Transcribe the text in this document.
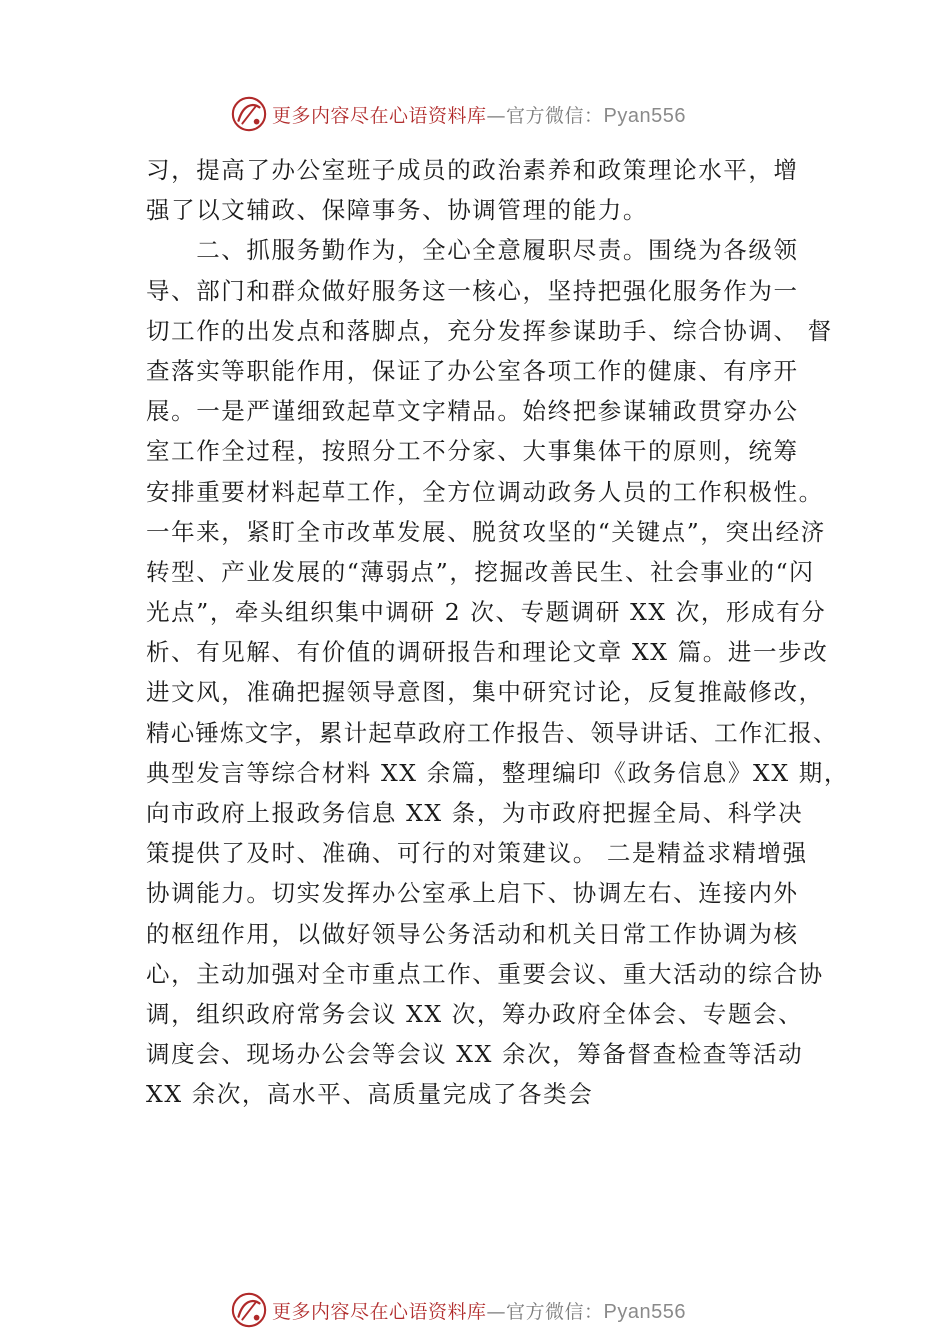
更多内容尽在心语资料库—官方微信：Pyan556
习，提高了办公室班子成员的政治素养和政策理论水平，增
强了以文辅政、保障事务、协调管理的能力。
　　二、抓服务勤作为，全心全意履职尽责。围绕为各级领
导、部门和群众做好服务这一核心，坚持把强化服务作为一
切工作的出发点和落脚点，充分发挥参谋助手、综合协调、 督
查落实等职能作用，保证了办公室各项工作的健康、有序开
展。一是严谨细致起草文字精品。始终把参谋辅政贯穿办公
室工作全过程，按照分工不分家、大事集体干的原则，统筹
安排重要材料起草工作，全方位调动政务人员的工作积极性。
一年来，紧盯全市改革发展、脱贫攻坚的“关键点”，突出经济
转型、产业发展的“薄弱点”，挖掘改善民生、社会事业的“闪
光点”，牵头组织集中调研 2 次、专题调研 XX 次，形成有分
析、有见解、有价值的调研报告和理论文章 XX 篇。进一步改
进文风，准确把握领导意图，集中研究讨论，反复推敲修改，
精心锤炼文字，累计起草政府工作报告、领导讲话、工作汇报、
典型发言等综合材料 XX 余篇，整理编印《政务信息》XX 期，
向市政府上报政务信息 XX 条，为市政府把握全局、科学决
策提供了及时、准确、可行的对策建议。 二是精益求精增强
协调能力。切实发挥办公室承上启下、协调左右、连接内外
的枢纽作用，以做好领导公务活动和机关日常工作协调为核
心，主动加强对全市重点工作、重要会议、重大活动的综合协
调，组织政府常务会议 XX 次，筹办政府全体会、专题会、
调度会、现场办公会等会议 XX 余次，筹备督查检查等活动
XX 余次，高水平、高质量完成了各类会
更多内容尽在心语资料库—官方微信：Pyan556
